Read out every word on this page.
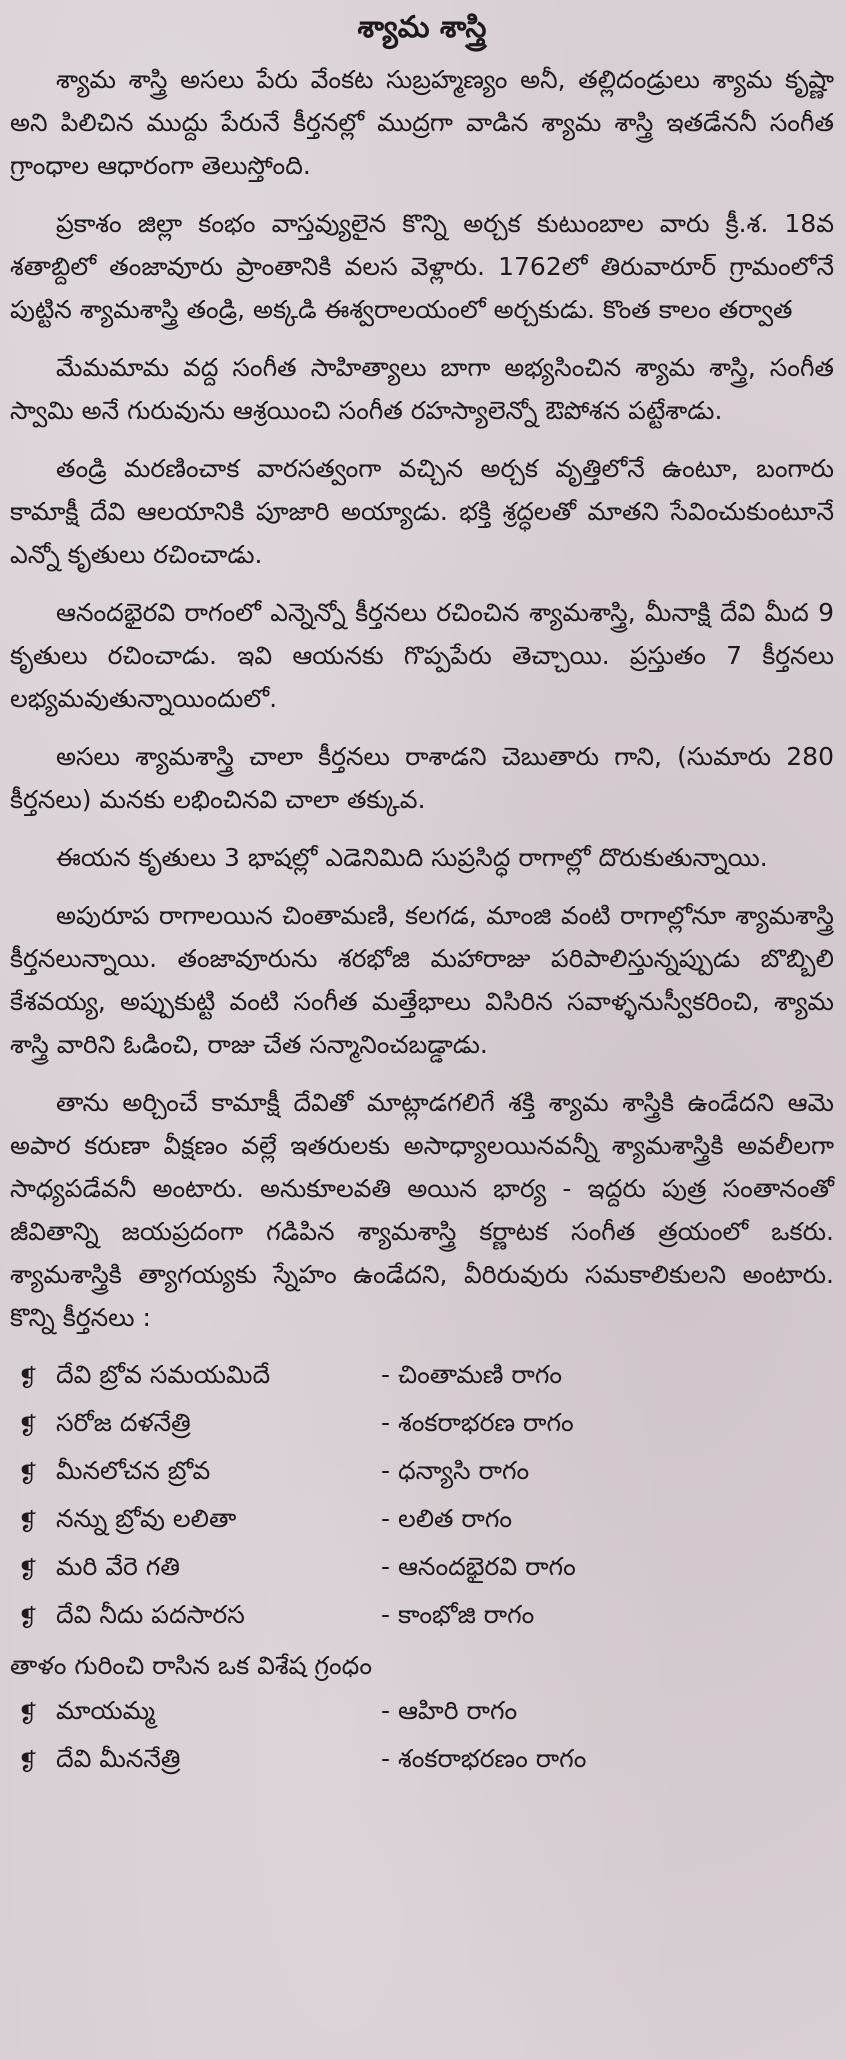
శ్యామ శాస్త్రి

శ్యామ శాస్త్రి అసలు పేరు వేంకట సుబ్రహ్మణ్యం అనీ, తల్లిదండ్రులు శ్యామ కృష్ణా అని పిలిచిన ముద్దు పేరునే కీర్తనల్లో ముద్రగా వాడిన శ్యామ శాస్త్రి ఇతడేననీ సంగీత గ్రాంధాల ఆధారంగా తెలుస్తోంది.

ప్రకాశం జిల్లా కంభం వాస్తవ్యులైన కొన్ని అర్చక కుటుంబాల వారు క్రీ.శ. 18వ శతాబ్దిలో తంజావూరు ప్రాంతానికి వలస వెళ్లారు. 1762లో తిరువారూర్ గ్రామంలోనే పుట్టిన శ్యామశాస్త్రి తండ్రి, అక్కడి ఈశ్వరాలయంలో అర్చకుడు. కొంత కాలం తర్వాత

మేమమామ వద్ద సంగీత సాహిత్యాలు బాగా అభ్యసించిన శ్యామ శాస్త్రి, సంగీత స్వామి అనే గురువును ఆశ్రయించి సంగీత రహస్యాలెన్నో ఔపోశన పట్టేశాడు.

తండ్రి మరణించాక వారసత్వంగా వచ్చిన అర్చక వృత్తిలోనే ఉంటూ, బంగారు కామాక్షీ దేవి ఆలయానికి పూజారి అయ్యాడు. భక్తి శ్రద్ధలతో మాతని సేవించుకుంటూనే ఎన్నో కృతులు రచించాడు.

ఆనందభైరవి రాగంలో ఎన్నెన్నో కీర్తనలు రచించిన శ్యామశాస్త్రి, మీనాక్షి దేవి మీద 9 కృతులు రచించాడు. ఇవి ఆయనకు గొప్పపేరు తెచ్చాయి. ప్రస్తుతం 7 కీర్తనలు లభ్యమవుతున్నాయిందులో.

అసలు శ్యామశాస్త్రి చాలా కీర్తనలు రాశాడని చెబుతారు గాని, (సుమారు 280 కీర్తనలు) మనకు లభించినవి చాలా తక్కువ.

ఈయన కృతులు 3 భాషల్లో ఎడెనిమిది సుప్రసిద్ధ రాగాల్లో దొరుకుతున్నాయి.

అపురూప రాగాలయిన చింతామణి, కలగడ, మాంజి వంటి రాగాల్లోనూ శ్యామశాస్త్రి కీర్తనలున్నాయి. తంజావూరును శరభోజి మహారాజు పరిపాలిస్తున్నప్పుడు బొబ్బిలి కేశవయ్య, అప్పుకుట్టి వంటి సంగీత మత్తేభాలు విసిరిన సవాళ్ళనుస్వీకరించి, శ్యామ శాస్త్రి వారిని ఓడించి, రాజు చేత సన్మానించబడ్డాడు.

తాను అర్చించే కామాక్షీ దేవితో మాట్లాడగలిగే శక్తి శ్యామ శాస్త్రికి ఉండేదని ఆమె అపార కరుణా వీక్షణం వల్లే ఇతరులకు అసాధ్యాలయినవన్నీ శ్యామశాస్త్రికి అవలీలగా సాధ్యపడేవనీ అంటారు. అనుకూలవతి అయిన భార్య - ఇద్దరు పుత్ర సంతానంతో జీవితాన్ని జయప్రదంగా గడిపిన శ్యామశాస్త్రి కర్ణాటక సంగీత త్రయంలో ఒకరు. శ్యామశాస్త్రికి త్యాగయ్యకు స్నేహం ఉండేదని, వీరిరువురు సమకాలికులని అంటారు. కొన్ని కీర్తనలు :

❡ దేవి బ్రోవ సమయమిదే	- చింతామణి రాగం
❡ సరోజ దళనేత్రి	- శంకరాభరణ రాగం
❡ మీనలోచన బ్రోవ	- ధన్యాసి రాగం
❡ నన్ను బ్రోవు లలితా	- లలిత రాగం
❡ మరి వేరె గతి	- ఆనందభైరవి రాగం
❡ దేవి నీదు పదసారస	- కాంభోజి రాగం

తాళం గురించి రాసిన ఒక విశేష గ్రంధం

❡ మాయమ్మ	- ఆహిరి రాగం
❡ దేవి మీననేత్రి	- శంకరాభరణం రాగం
